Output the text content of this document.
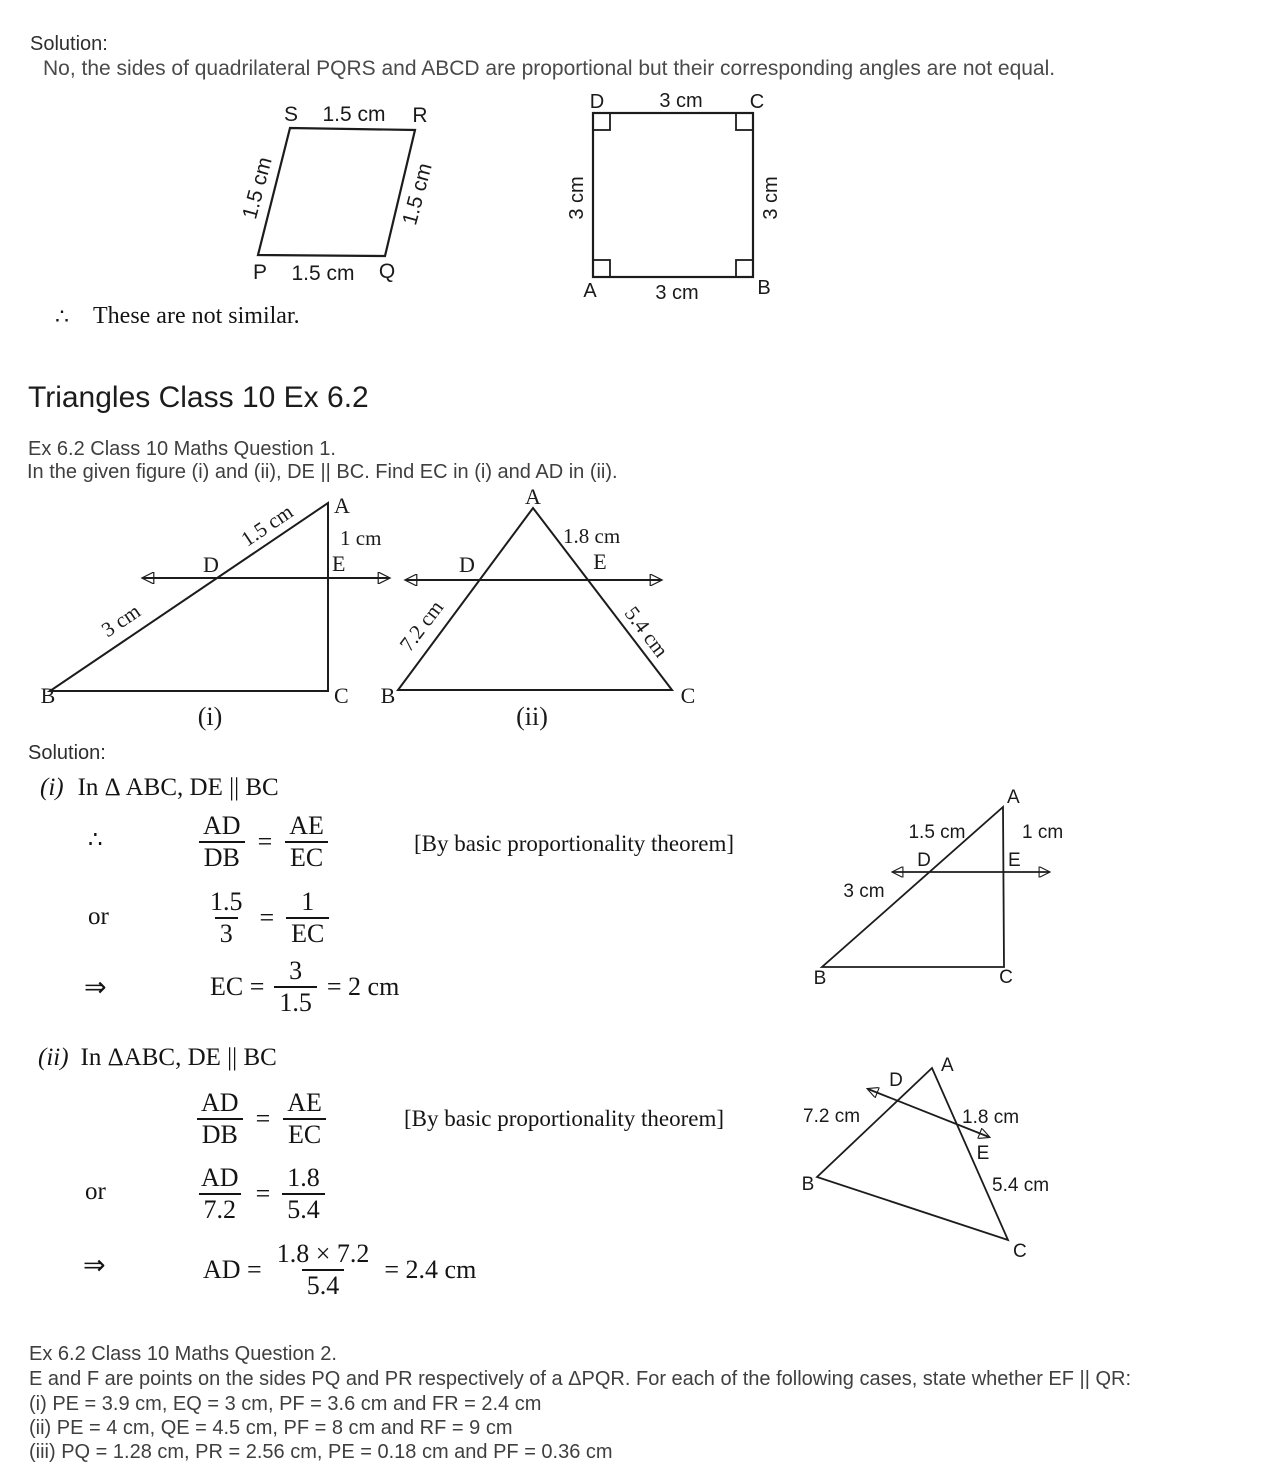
Solution:
No, the sides of quadrilateral PQRS and ABCD are proportional but their corresponding angles are not equal.
S 1.5 cm R
1.5 cm	1.5 cm
P 1.5 cm Q
D	3 cm C
3 cm	3 cm
A	3 cm	B
∴ These are not similar.
Triangles Class 10 Ex 6.2
Ex 6.2 Class 10 Maths Question 1.
In the given figure (i) and (ii), DE || BC. Find EC in (i) and AD in (ii).
A
B	C
D	E
1.5 cm 1 cm
3 cm
(i)
A
B	C
D	E
1.8 cm
7.2 cm	5.4 cm
(ii)
Solution:
(i) In Δ ABC, DE || BC
∴	$\frac{AD}{DB} = \frac{AE}{EC}$	[By basic proportionality theorem]
or	$\frac{1.5}{3} = \frac{1}{EC}$
⇒	EC = $\frac{3}{1.5} = 2$ cm
A
1.5 cm	1 cm
D	E
3 cm
B	C
(ii) In ΔABC, DE || BC
$\frac{AD}{DB} = \frac{AE}{EC}$	[By basic proportionality theorem]
or	$\frac{AD}{7.2} = \frac{1.8}{5.4}$
⇒	AD = $\frac{1.8 \times 7.2}{5.4} = 2.4$ cm
A
D
7.2 cm	1.8 cm
E
B	5.4 cm
C
Ex 6.2 Class 10 Maths Question 2.
E and F are points on the sides PQ and PR respectively of a ΔPQR. For each of the following cases, state whether EF || QR:
(i) PE = 3.9 cm, EQ = 3 cm, PF = 3.6 cm and FR = 2.4 cm
(ii) PE = 4 cm, QE = 4.5 cm, PF = 8 cm and RF = 9 cm
(iii) PQ = 1.28 cm, PR = 2.56 cm, PE = 0.18 cm and PF = 0.36 cm
